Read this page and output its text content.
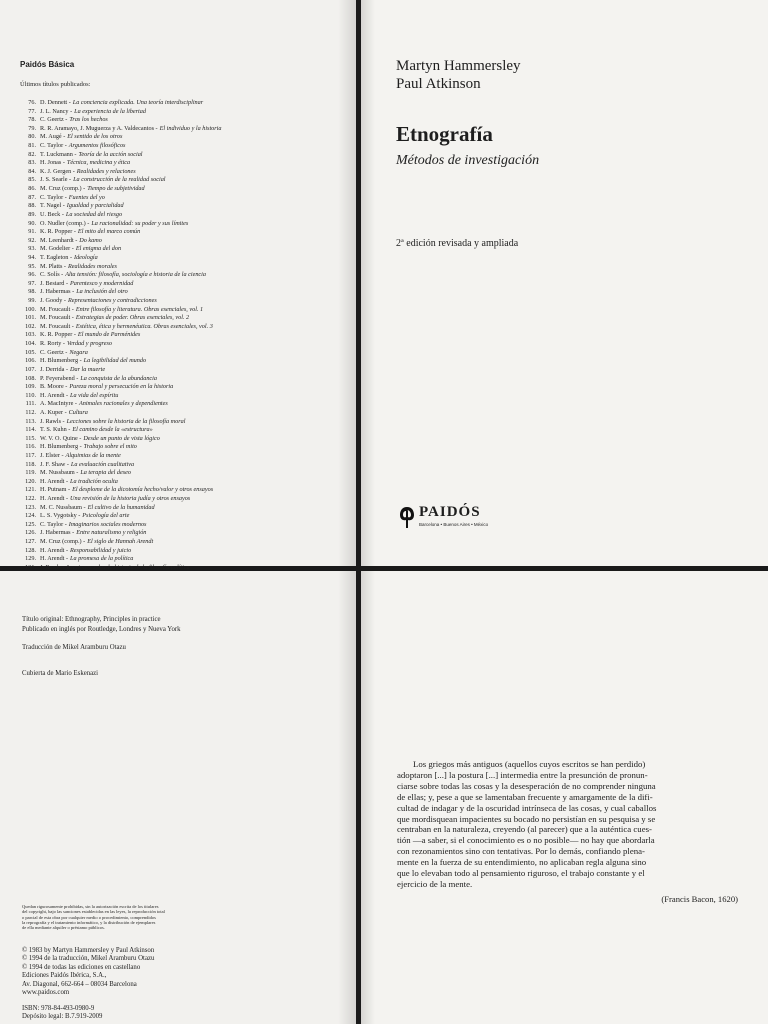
Paidós Básica
Últimos títulos publicados:
76. D. Dennett - La conciencia explicada. Una teoría interdisciplinar
77. J. L. Nancy - La experiencia de la libertad
78. C. Geertz - Tras los hechos
79. R. R. Aramayo, J. Muguerza y A. Valdecantos - El individuo y la historia
80. M. Augé - El sentido de los otros
81. C. Taylor - Argumentos filosóficos
82. T. Luckmann - Teoría de la acción social
83. H. Jonas - Técnica, medicina y ética
84. K. J. Gergen - Realidades y relaciones
85. J. S. Searle - La construcción de la realidad social
86. M. Cruz (comp.) - Tiempo de subjetividad
87. C. Taylor - Fuentes del yo
88. T. Nagel - Igualdad y parcialidad
89. U. Beck - La sociedad del riesgo
90. O. Nudler (comp.) - La racionalidad: su poder y sus límites
91. K. R. Popper - El mito del marco común
92. M. Leenhardt - Do kamo
93. M. Godelier - El enigma del don
94. T. Eagleton - Ideología
95. M. Platts - Realidades morales
96. C. Solís - Alta tensión: filosofía, sociología e historia de la ciencia
97. J. Bestard - Parentesco y modernidad
98. J. Habermas - La inclusión del otro
99. J. Goody - Representaciones y contradicciones
100. M. Foucault - Entre filosofía y literatura. Obras esenciales, vol. 1
101. M. Foucault - Estrategias de poder. Obras esenciales, vol. 2
102. M. Foucault - Estética, ética y hermenéutica. Obras esenciales, vol. 3
103. K. R. Popper - El mundo de Parménides
104. R. Rorty - Verdad y progreso
105. C. Geertz - Negara
106. H. Blumenberg - La legibilidad del mundo
107. J. Derrida - Dar la muerte
108. P. Feyerabend - La conquista de la abundancia
109. B. Moore - Pureza moral y persecución en la historia
110. H. Arendt - La vida del espíritu
111. A. MacIntyre - Animales racionales y dependientes
112. A. Kuper - Cultura
113. J. Rawls - Lecciones sobre la historia de la filosofía moral
114. T. S. Kuhn - El camino desde la «estructura»
115. W. V. O. Quine - Desde un punto de vista lógico
116. H. Blumenberg - Trabajo sobre el mito
117. J. Elster - Alquimias de la mente
118. J. F. Shaw - La evaluación cualitativa
119. M. Nussbaum - La terapia del deseo
120. H. Arendt - La tradición oculta
121. H. Putnam - El desplome de la dicotomía hecho/valor y otros ensayos
122. H. Arendt - Una revisión de la historia judía y otros ensayos
123. M. C. Nussbaum - El cultivo de la humanidad
124. L. S. Vygotsky - Psicología del arte
125. C. Taylor - Imaginarios sociales modernos
126. J. Habermas - Entre naturalismo y religión
127. M. Cruz (comp.) - El siglo de Hannah Arendt
128. H. Arendt - Responsabilidad y juicio
129. H. Arendt - La promesa de la política
131. J. Rawls - Lecciones sobre la historia de la filosofía política
Martyn Hammersley
Paul Atkinson
Etnografía
Métodos de investigación
2ª edición revisada y ampliada
PAIDÓS
Barcelona • Buenos Aires • México
Título original: Ethnography, Principles in practice
Publicado en inglés por Routledge, Londres y Nueva York
Traducción de Mikel Aramburu Otazu
Cubierta de Mario Eskenazi
Quedan rigurosamente prohibidas, sin la autorización escrita de los titulares
del copyright, bajo las sanciones establecidas en las leyes, la reproducción total
o parcial de esta obra por cualquier medio o procedimiento, comprendidos
la reprografía y el tratamiento informático, y la distribución de ejemplares
de ella mediante alquiler o préstamo públicos.
© 1983 by Martyn Hammersley y Paul Atkinson
© 1994 de la traducción, Mikel Aramburu Otazu
© 1994 de todas las ediciones en castellano
Ediciones Paidós Ibérica, S.A.,
Av. Diagonal, 662-664 – 08034 Barcelona
www.paidos.com
ISBN: 978-84-493-0980-9
Depósito legal: B.7.919-2009
Los griegos más antiguos (aquellos cuyos escritos se han perdido)
adoptaron [...] la postura [...] intermedia entre la presunción de pronun-
ciarse sobre todas las cosas y la desesperación de no comprender ninguna
de ellas; y, pese a que se lamentaban frecuente y amargamente de la difi-
cultad de indagar y de la oscuridad intrínseca de las cosas, y cual caballos
que mordisquean impacientes su bocado no persistían en su pesquisa y se
centraban en la naturaleza, creyendo (al parecer) que a la auténtica cues-
tión —a saber, si el conocimiento es o no posible— no hay que abordarla
con rezonamientos sino con tentativas. Por lo demás, confiando plena-
mente en la fuerza de su entendimiento, no aplicaban regla alguna sino
que lo elevaban todo al pensamiento riguroso, el trabajo constante y el
ejercicio de la mente.
(Francis Bacon, 1620)
